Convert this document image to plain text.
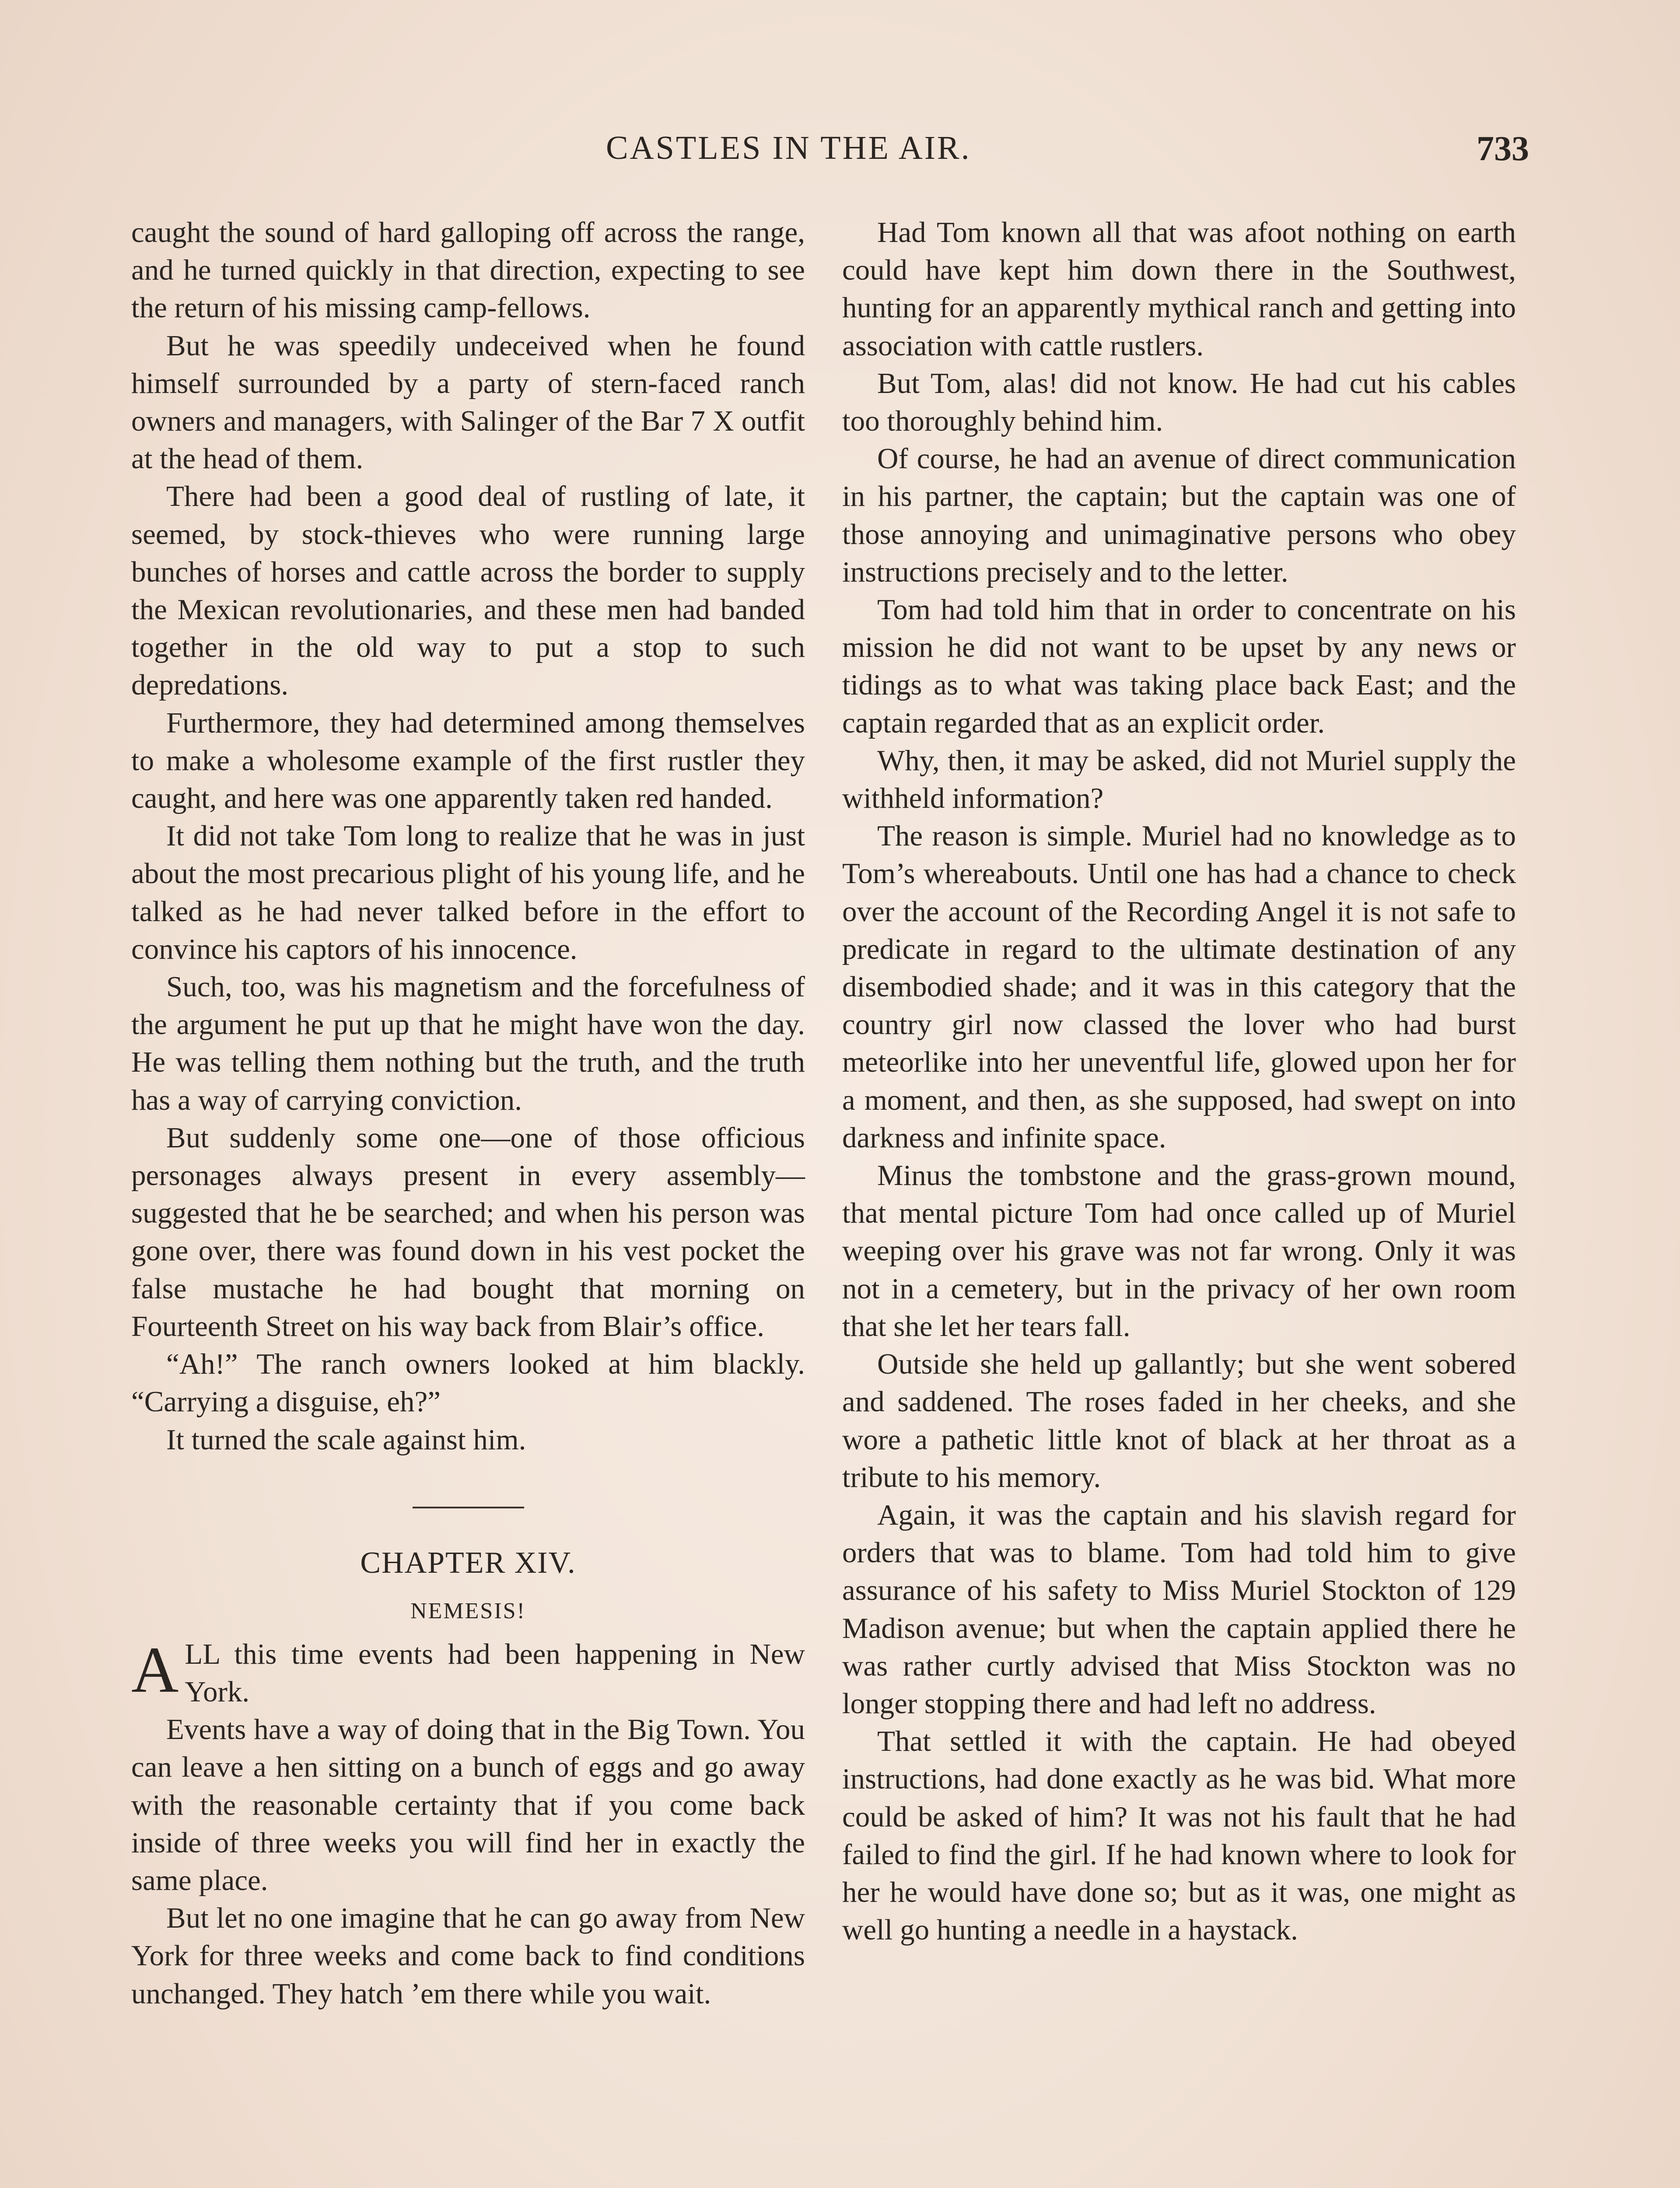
CASTLES IN THE AIR.	733

caught the sound of hard galloping off across the range, and he turned quickly in that direction, expecting to see the return of his missing camp-fellows.

But he was speedily undeceived when he found himself surrounded by a party of stern-faced ranch owners and managers, with Salinger of the Bar 7 X outfit at the head of them.

There had been a good deal of rustling of late, it seemed, by stock-thieves who were running large bunches of horses and cattle across the border to supply the Mexican revolutionaries, and these men had banded together in the old way to put a stop to such depredations.

Furthermore, they had determined among themselves to make a wholesome example of the first rustler they caught, and here was one apparently taken red handed.

It did not take Tom long to realize that he was in just about the most precarious plight of his young life, and he talked as he had never talked before in the effort to convince his captors of his innocence.

Such, too, was his magnetism and the forcefulness of the argument he put up that he might have won the day. He was telling them nothing but the truth, and the truth has a way of carrying conviction.

But suddenly some one—one of those officious personages always present in every assembly—suggested that he be searched; and when his person was gone over, there was found down in his vest pocket the false mustache he had bought that morning on Fourteenth Street on his way back from Blair’s office.

“Ah!” The ranch owners looked at him blackly. “Carrying a disguise, eh?”

It turned the scale against him.

CHAPTER XIV.
NEMESIS!

ALL this time events had been happening in New York.

Events have a way of doing that in the Big Town. You can leave a hen sitting on a bunch of eggs and go away with the reasonable certainty that if you come back inside of three weeks you will find her in exactly the same place.

But let no one imagine that he can go away from New York for three weeks and come back to find conditions unchanged. They hatch ’em there while you wait.

Had Tom known all that was afoot nothing on earth could have kept him down there in the Southwest, hunting for an apparently mythical ranch and getting into association with cattle rustlers.

But Tom, alas! did not know. He had cut his cables too thoroughly behind him.

Of course, he had an avenue of direct communication in his partner, the captain; but the captain was one of those annoying and unimaginative persons who obey instructions precisely and to the letter.

Tom had told him that in order to concentrate on his mission he did not want to be upset by any news or tidings as to what was taking place back East; and the captain regarded that as an explicit order.

Why, then, it may be asked, did not Muriel supply the withheld information?

The reason is simple. Muriel had no knowledge as to Tom’s whereabouts. Until one has had a chance to check over the account of the Recording Angel it is not safe to predicate in regard to the ultimate destination of any disembodied shade; and it was in this category that the country girl now classed the lover who had burst meteorlike into her uneventful life, glowed upon her for a moment, and then, as she supposed, had swept on into darkness and infinite space.

Minus the tombstone and the grass-grown mound, that mental picture Tom had once called up of Muriel weeping over his grave was not far wrong. Only it was not in a cemetery, but in the privacy of her own room that she let her tears fall.

Outside she held up gallantly; but she went sobered and saddened. The roses faded in her cheeks, and she wore a pathetic little knot of black at her throat as a tribute to his memory.

Again, it was the captain and his slavish regard for orders that was to blame. Tom had told him to give assurance of his safety to Miss Muriel Stockton of 129 Madison avenue; but when the captain applied there he was rather curtly advised that Miss Stockton was no longer stopping there and had left no address.

That settled it with the captain. He had obeyed instructions, had done exactly as he was bid. What more could be asked of him? It was not his fault that he had failed to find the girl. If he had known where to look for her he would have done so; but as it was, one might as well go hunting a needle in a haystack.
